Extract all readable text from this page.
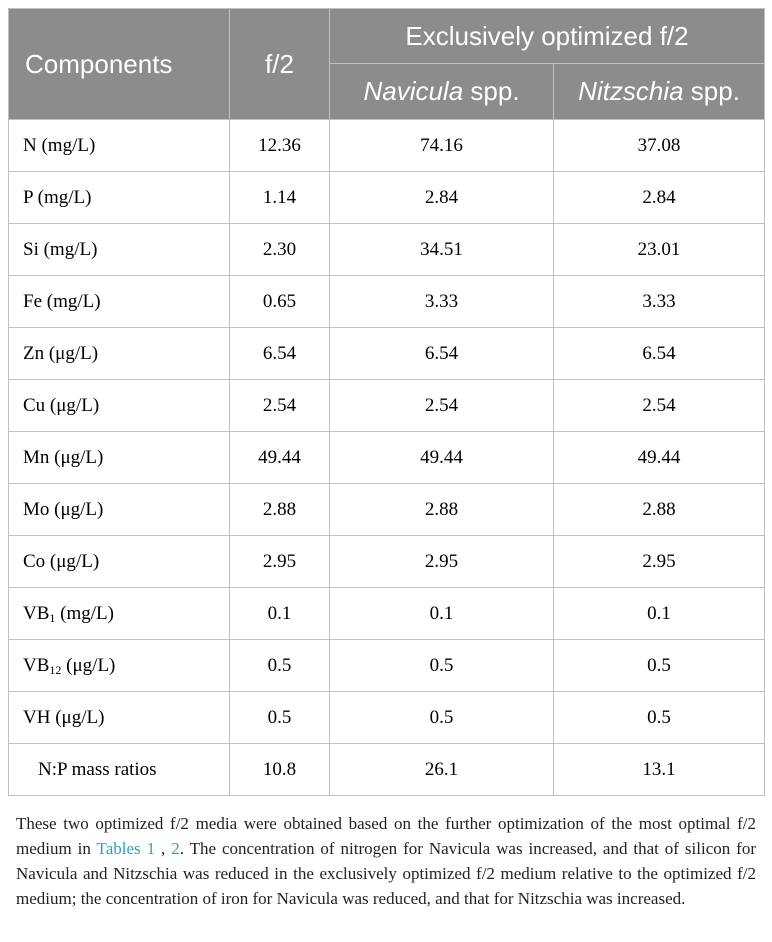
Components	f/2	Exclusively optimized f/2	
		Navicula spp.	Nitzschia spp.
N (mg/L)	12.36	74.16	37.08
P (mg/L)	1.14	2.84	2.84
Si (mg/L)	2.30	34.51	23.01
Fe (mg/L)	0.65	3.33	3.33
Zn (μg/L)	6.54	6.54	6.54
Cu (μg/L)	2.54	2.54	2.54
Mn (μg/L)	49.44	49.44	49.44
Mo (μg/L)	2.88	2.88	2.88
Co (μg/L)	2.95	2.95	2.95
$VB_1$ (mg/L)	0.1	0.1	0.1
$VB_{12}$ (μg/L)	0.5	0.5	0.5
VH (μg/L)	0.5	0.5	0.5
N:P mass ratios	10.8	26.1	13.1

These two optimized f/2 media were obtained based on the further optimization of the most optimal f/2 medium in Tables 1 , 2. The concentration of nitrogen for Navicula was increased, and that of silicon for Navicula and Nitzschia was reduced in the exclusively optimized f/2 medium relative to the optimized f/2 medium; the concentration of iron for Navicula was reduced, and that for Nitzschia was increased.
